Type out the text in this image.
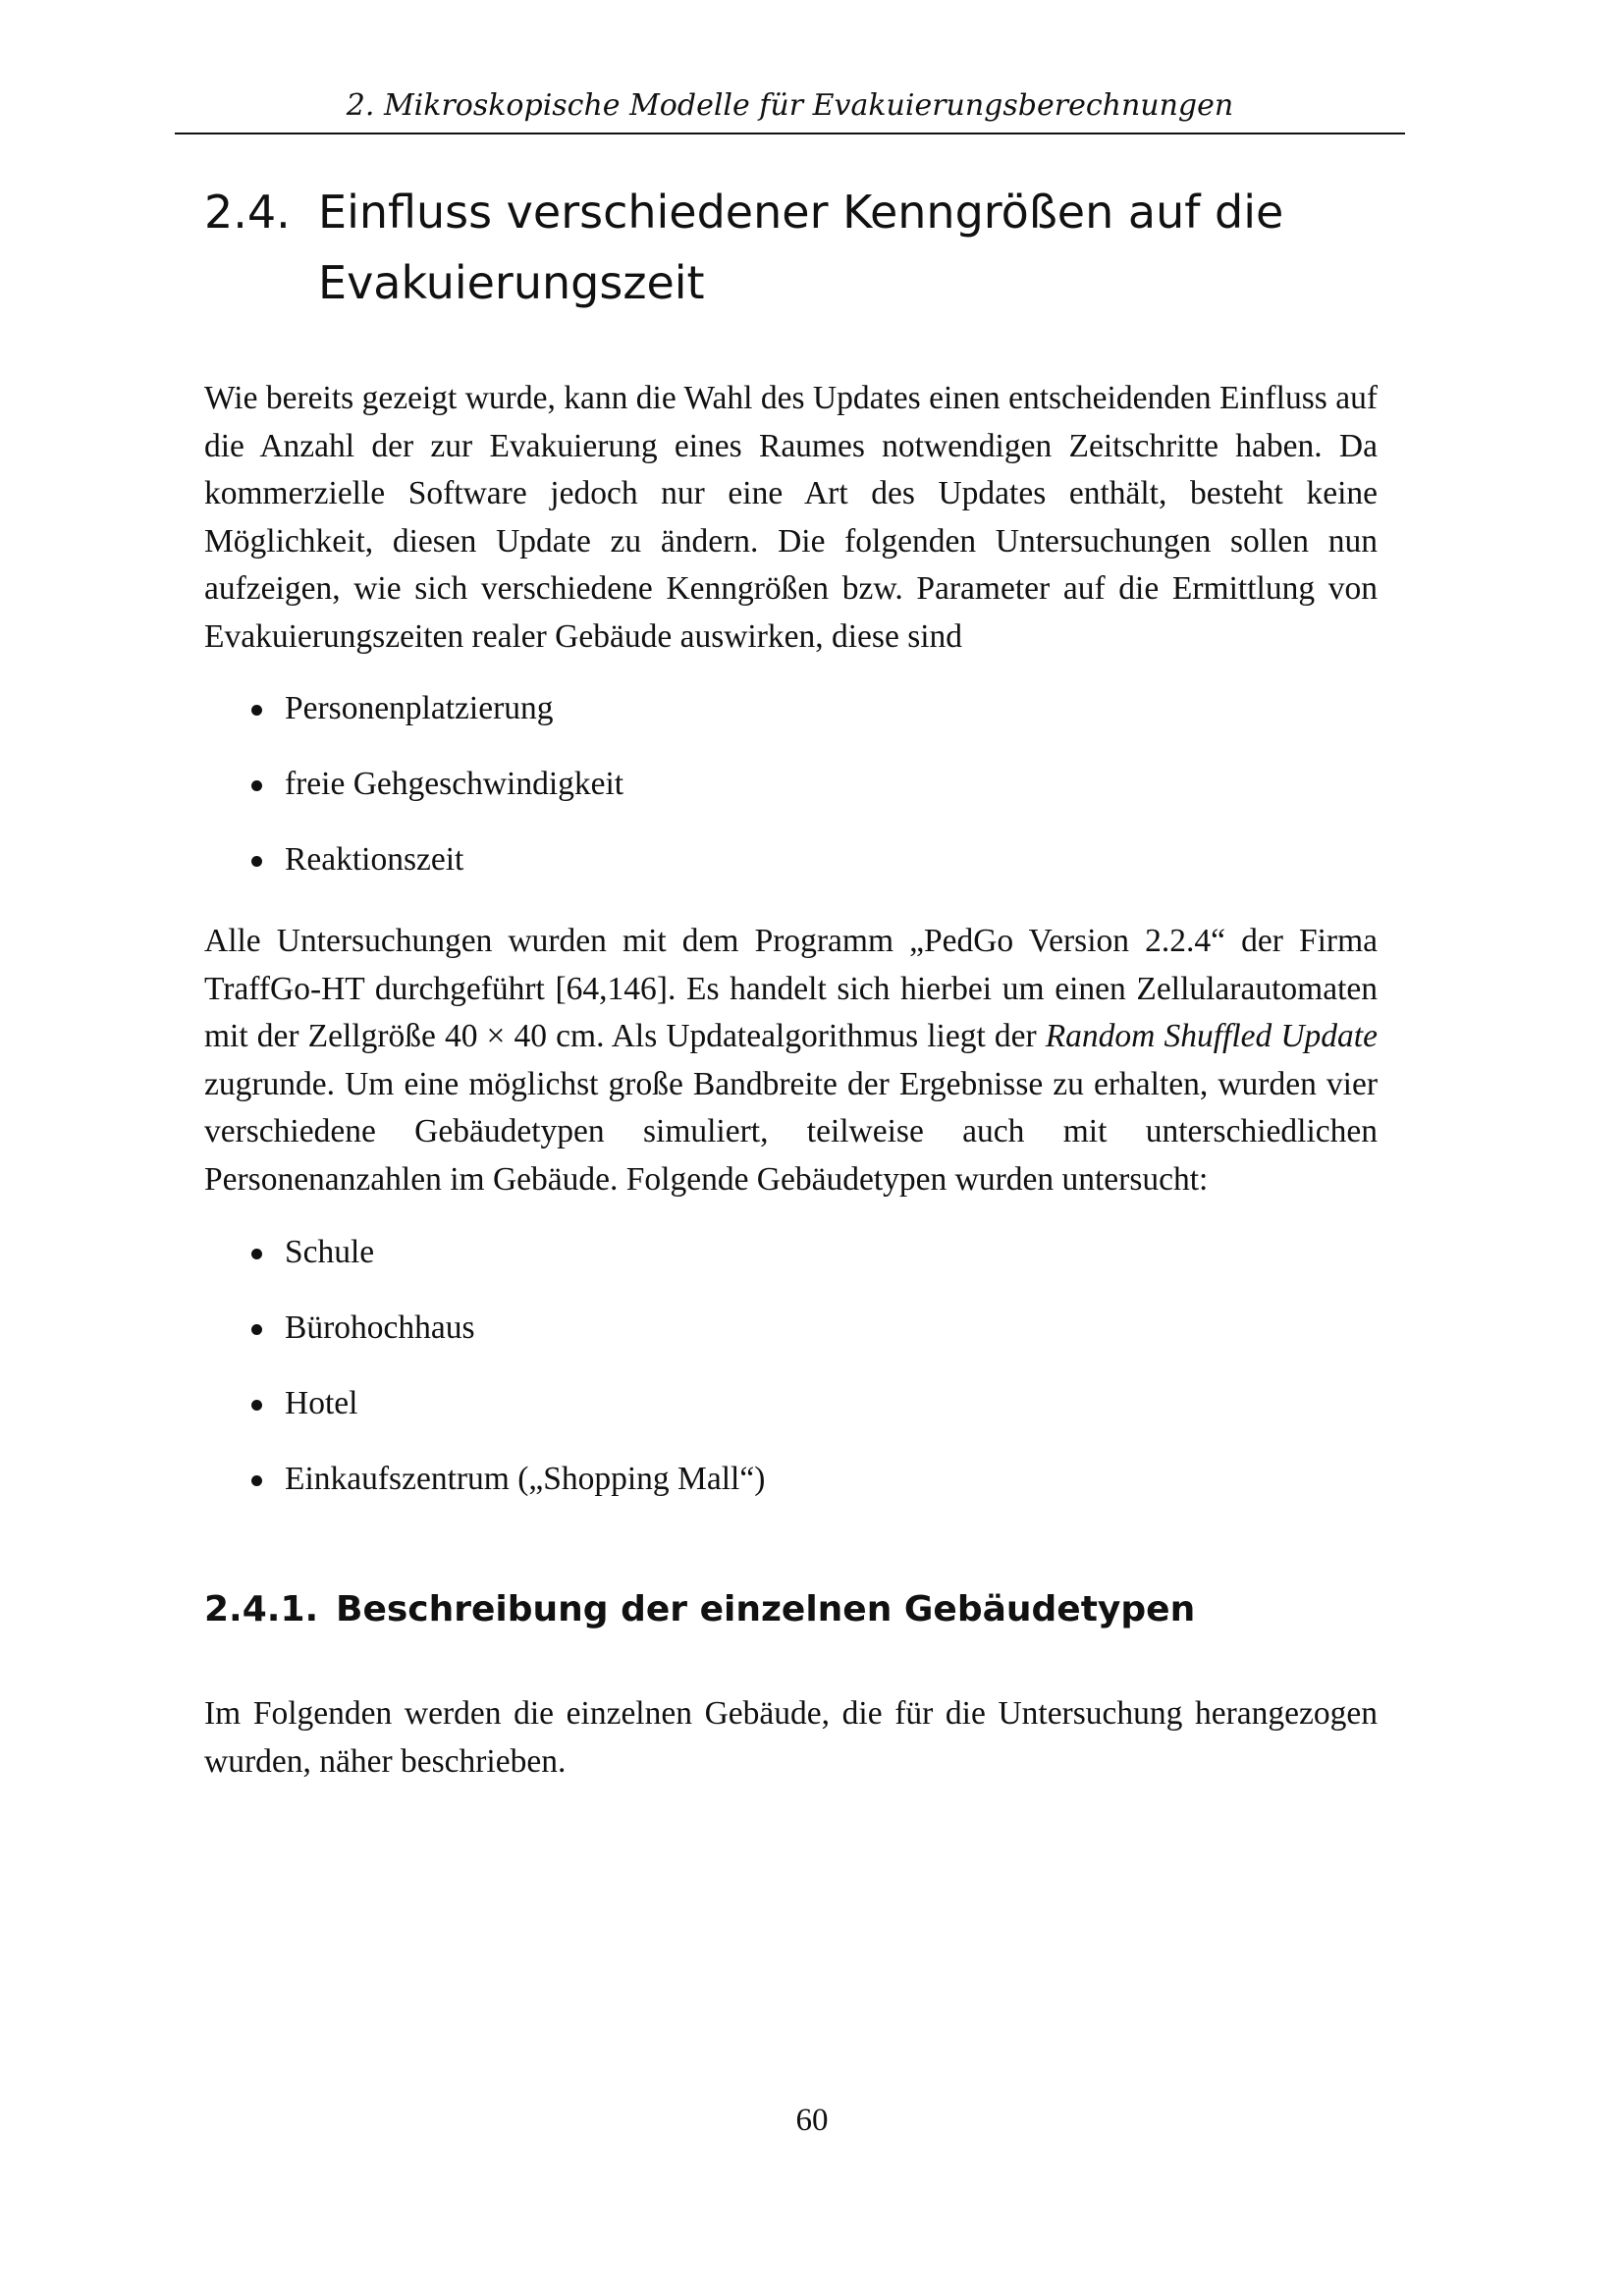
2. Mikroskopische Modelle für Evakuierungsberechnungen
2.4. Einfluss verschiedener Kenngrößen auf die
Evakuierungszeit

Wie bereits gezeigt wurde, kann die Wahl des Updates einen entscheidenden Einfluss auf die Anzahl der zur Evakuierung eines Raumes notwendigen Zeitschritte haben. Da kommerzielle Software jedoch nur eine Art des Updates enthält, besteht keine Möglichkeit, diesen Update zu ändern. Die folgenden Untersuchungen sollen nun aufzeigen, wie sich verschiedene Kenngrößen bzw. Parameter auf die Ermittlung von Evakuierungszeiten realer Gebäude auswirken, diese sind

Personenplatzierung
freie Gehgeschwindigkeit
Reaktionszeit

Alle Untersuchungen wurden mit dem Programm „PedGo Version 2.2.4“ der Firma TraffGo-HT durchgeführt [64,146]. Es handelt sich hierbei um einen Zellularautomaten mit der Zellgröße 40 × 40 cm. Als Updatealgorithmus liegt der Random Shuffled Update zugrunde. Um eine möglichst große Bandbreite der Ergebnisse zu erhalten, wurden vier verschiedene Gebäudetypen simuliert, teilweise auch mit unterschiedlichen Personenanzahlen im Gebäude. Folgende Gebäudetypen wurden untersucht:

Schule
Bürohochhaus
Hotel
Einkaufszentrum („Shopping Mall“)
2.4.1. Beschreibung der einzelnen Gebäudetypen

Im Folgenden werden die einzelnen Gebäude, die für die Untersuchung herangezogen wurden, näher beschrieben.

60
